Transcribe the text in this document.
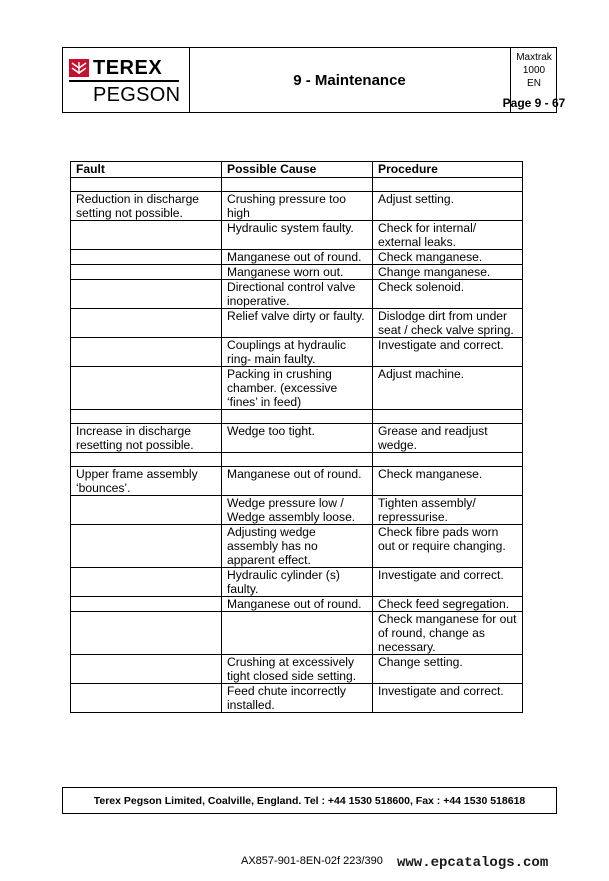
TEREX
PEGSON
9 - Maintenance
Maxtrak
1000
EN
Page 9 - 67
Fault	Possible Cause	Procedure

Reduction in discharge setting not possible.	Crushing pressure too high	Adjust setting.
	Hydraulic system faulty.	Check for internal/ external leaks.
	Manganese out of round.	Check manganese.
	Manganese worn out.	Change manganese.
	Directional control valve inoperative.	Check solenoid.
	Relief valve dirty or faulty.	Dislodge dirt from under seat / check valve spring.
	Couplings at hydraulic ring- main faulty.	Investigate and correct.
	Packing in crushing chamber. (excessive ‘fines’ in feed)	Adjust machine.

Increase in discharge resetting not possible.	Wedge too tight.	Grease and readjust wedge.

Upper frame assembly ‘bounces’.	Manganese out of round.	Check manganese.
	Wedge pressure low / Wedge assembly loose.	Tighten assembly/ repressurise.
	Adjusting wedge assembly has no apparent effect.	Check fibre pads worn out or require changing.
	Hydraulic cylinder (s) faulty.	Investigate and correct.
	Manganese out of round.	Check feed segregation.
		Check manganese for out of round, change as necessary.
	Crushing at excessively tight closed side setting.	Change setting.
	Feed chute incorrectly installed.	Investigate and correct.
Terex Pegson Limited, Coalville, England. Tel : +44 1530 518600, Fax : +44 1530 518618
AX857-901-8EN-02f 223/390 www.epcatalogs.com
